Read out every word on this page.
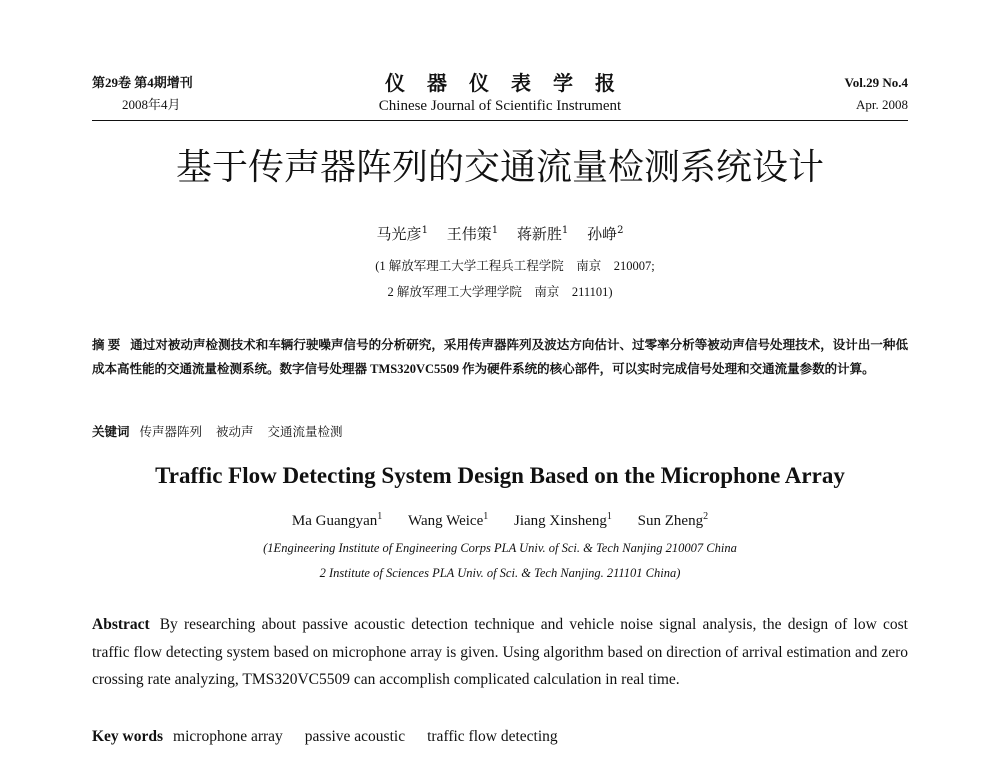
第29卷 第4期增刊
2008年4月
仪器仪表学报
Chinese Journal of Scientific Instrument
Vol.29 No.4
Apr. 2008
基于传声器阵列的交通流量检测系统设计
马光彦$^1$ 王伟策$^1$ 蒋新胜$^1$ 孙峥$^2$
(1 解放军理工大学工程兵工程学院　南京　210007;
2 解放军理工大学理学院　南京　211101)
摘 要 通过对被动声检测技术和车辆行驶噪声信号的分析研究，采用传声器阵列及波达方向估计、过零率分析等被动声信号处理技术，设计出一种低成本高性能的交通流量检测系统。数字信号处理器 TMS320VC5509 作为硬件系统的核心部件，可以实时完成信号处理和交通流量参数的计算。
关键词 传声器阵列 被动声 交通流量检测
Traffic Flow Detecting System Design Based on the Microphone Array
Ma Guangyan$^1$ Wang Weice$^1$ Jiang Xinsheng$^1$ Sun Zheng$^2$
(1Engineering Institute of Engineering Corps PLA Univ. of Sci. & Tech Nanjing 210007 China
2 Institute of Sciences PLA Univ. of Sci. & Tech Nanjing. 211101 China)
Abstract By researching about passive acoustic detection technique and vehicle noise signal analysis, the design of low cost traffic flow detecting system based on microphone array is given. Using algorithm based on direction of arrival estimation and zero crossing rate analyzing, TMS320VC5509 can accomplish complicated calculation in real time.
Key words microphone array passive acoustic traffic flow detecting
